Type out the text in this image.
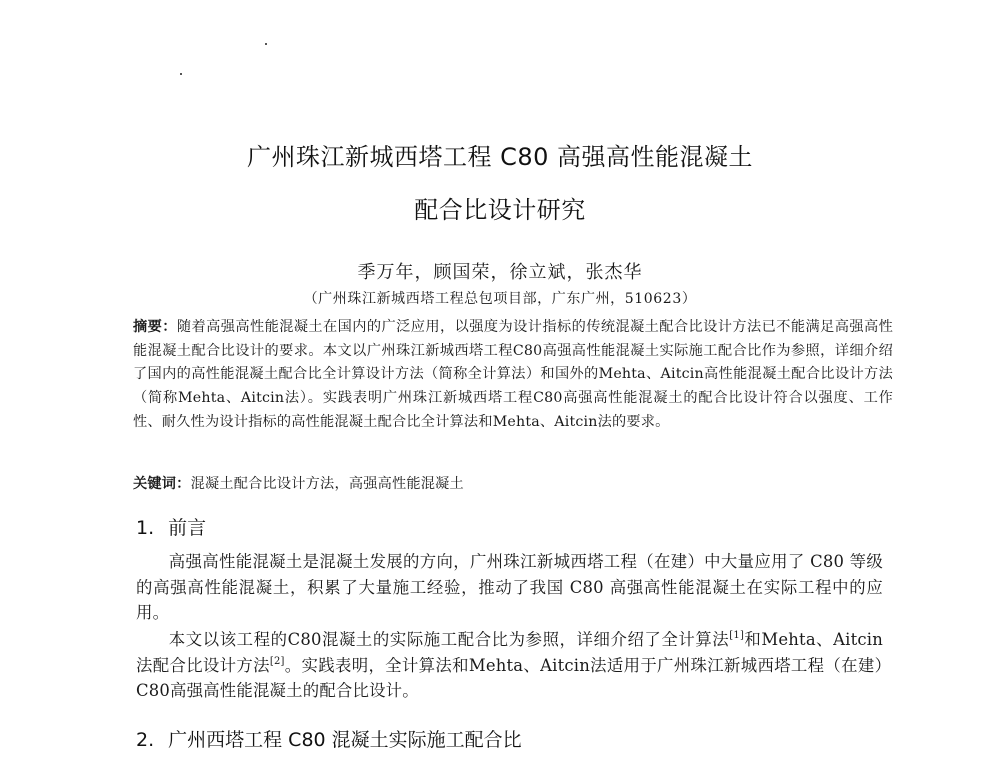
广州珠江新城西塔工程 C80 高强高性能混凝土
配合比设计研究
季万年，顾国荣，徐立斌，张杰华
（广州珠江新城西塔工程总包项目部，广东广州，510623）
摘要：随着高强高性能混凝土在国内的广泛应用，以强度为设计指标的传统混凝土配合比设计方法已不能满足高强高性能混凝土配合比设计的要求。本文以广州珠江新城西塔工程C80高强高性能混凝土实际施工配合比作为参照，详细介绍了国内的高性能混凝土配合比全计算设计方法（简称全计算法）和国外的Mehta、Aitcin高性能混凝土配合比设计方法（简称Mehta、Aitcin法）。实践表明广州珠江新城西塔工程C80高强高性能混凝土的配合比设计符合以强度、工作性、耐久性为设计指标的高性能混凝土配合比全计算法和Mehta、Aitcin法的要求。
关键词：混凝土配合比设计方法，高强高性能混凝土
1. 前言
高强高性能混凝土是混凝土发展的方向，广州珠江新城西塔工程（在建）中大量应用了 C80 等级的高强高性能混凝土，积累了大量施工经验，推动了我国 C80 高强高性能混凝土在实际工程中的应用。
本文以该工程的C80混凝土的实际施工配合比为参照，详细介绍了全计算法[1]和Mehta、Aitcin法配合比设计方法[2]。实践表明，全计算法和Mehta、Aitcin法适用于广州珠江新城西塔工程（在建）C80高强高性能混凝土的配合比设计。
2. 广州西塔工程 C80 混凝土实际施工配合比
